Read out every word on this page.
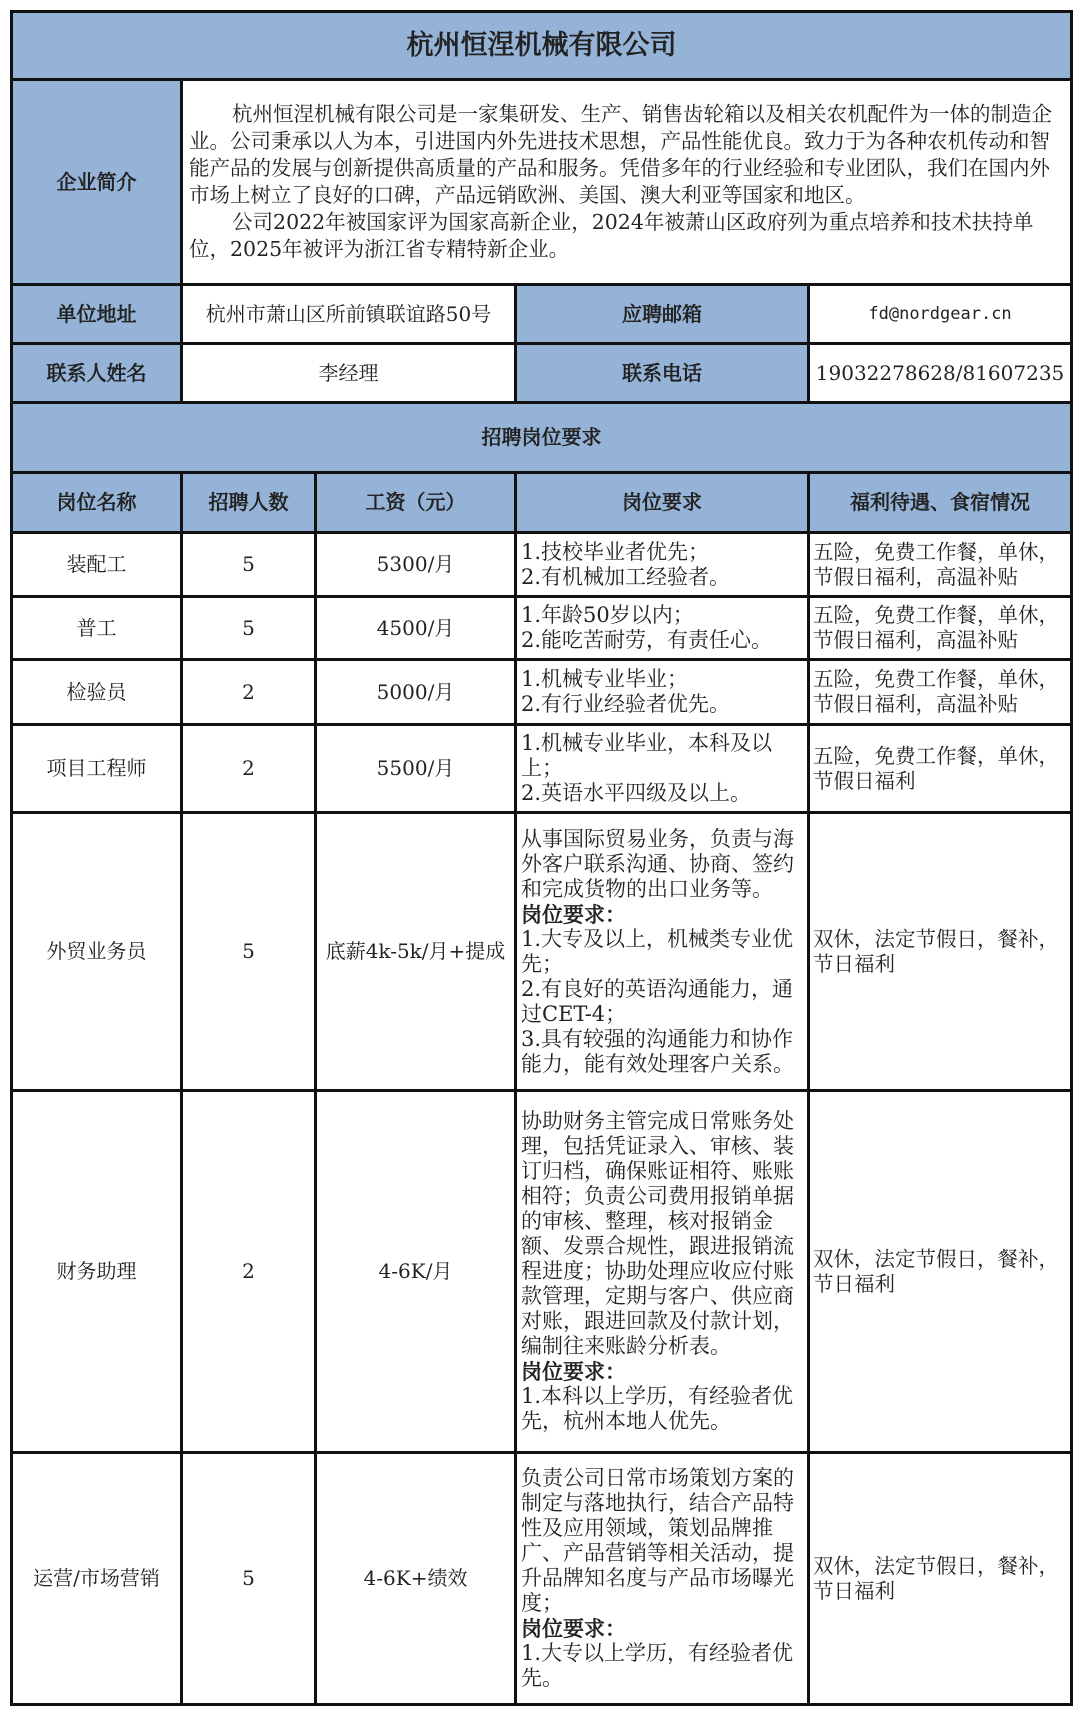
杭州恒涅机械有限公司				
企业简介	杭州恒涅机械有限公司是一家集研发、生产、销售齿轮箱以及相关农机配件为一体的制造企业。公司秉承以人为本，引进国内外先进技术思想，产品性能优良。致力于为各种农机传动和智能产品的发展与创新提供高质量的产品和服务。凭借多年的行业经验和专业团队，我们在国内外市场上树立了良好的口碑，产品远销欧洲、美国、澳大利亚等国家和地区。

公司2022年被国家评为国家高新企业，2024年被萧山区政府列为重点培养和技术扶持单位，2025年被评为浙江省专精特新企业。			

单位地址	杭州市萧山区所前镇联谊路50号		应聘邮箱	fd@nordgear.cn
联系人姓名	李经理		联系电话	19032278628/81607235
招聘岗位要求				
岗位名称	招聘人数	工资（元）	岗位要求	福利待遇、食宿情况
装配工	5	5300/月	1.技校毕业者优先；

2.有机械加工经验者。	五险，免费工作餐，单休，节假日福利，高温补贴
普工	5	4500/月	1.年龄50岁以内；

2.能吃苦耐劳，有责任心。	五险，免费工作餐，单休，节假日福利，高温补贴
检验员	2	5000/月	1.机械专业毕业；

2.有行业经验者优先。	五险，免费工作餐，单休，节假日福利，高温补贴
项目工程师	2	5500/月	1.机械专业毕业，本科及以上；

2.英语水平四级及以上。	五险，免费工作餐，单休，节假日福利
外贸业务员	5	底薪4k-5k/月+提成	从事国际贸易业务，负责与海外客户联系沟通、协商、签约和完成货物的出口业务等。

岗位要求：

1.大专及以上，机械类专业优先；

2.有良好的英语沟通能力，通过CET-4；

3.具有较强的沟通能力和协作能力，能有效处理客户关系。	双休，法定节假日，餐补，节日福利
财务助理	2	4-6K/月	协助财务主管完成日常账务处理，包括凭证录入、审核、装订归档，确保账证相符、账账相符；负责公司费用报销单据的审核、整理，核对报销金额、发票合规性，跟进报销流程进度；协助处理应收应付账款管理，定期与客户、供应商对账，跟进回款及付款计划，编制往来账龄分析表。

岗位要求：

1.本科以上学历，有经验者优先，杭州本地人优先。	双休，法定节假日，餐补，节日福利
运营/市场营销	5	4-6K+绩效	负责公司日常市场策划方案的制定与落地执行，结合产品特性及应用领域，策划品牌推广、产品营销等相关活动，提升品牌知名度与产品市场曝光度；

岗位要求：

1.大专以上学历，有经验者优先。	双休，法定节假日，餐补，节日福利
